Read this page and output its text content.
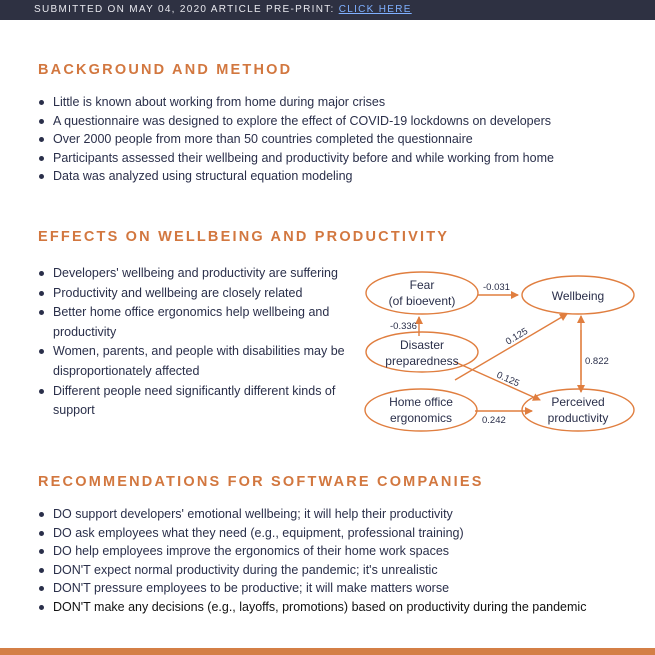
SUBMITTED ON MAY 04, 2020 ARTICLE PRE-PRINT: CLICK HERE
BACKGROUND AND METHOD
Little is known about working from home during major crises
A questionnaire was designed to explore the effect of COVID-19 lockdowns on developers
Over 2000 people from more than 50 countries completed the questionnaire
Participants assessed their wellbeing and productivity before and while working from home
Data was analyzed using structural equation modeling
EFFECTS ON WELLBEING AND PRODUCTIVITY
Developers' wellbeing and productivity are suffering
Productivity and wellbeing are closely related
Better home office ergonomics help wellbeing and productivity
Women, parents, and people with disabilities may be disproportionately affected
Different people need significantly different kinds of support
Fear
(of bioevent)	Wellbeing
Disaster
preparedness
Home office
ergonomics
Perceived
productivity
-0.031
-0.336	0.125
0.125
0.822
0.242
RECOMMENDATIONS FOR SOFTWARE COMPANIES
DO support developers' emotional wellbeing; it will help their productivity
DO ask employees what they need (e.g., equipment, professional training)
DO help employees improve the ergonomics of their home work spaces
DON'T expect normal productivity during the pandemic; it's unrealistic
DON'T pressure employees to be productive; it will make matters worse
DON'T make any decisions (e.g., layoffs, promotions) based on productivity during the pandemic
